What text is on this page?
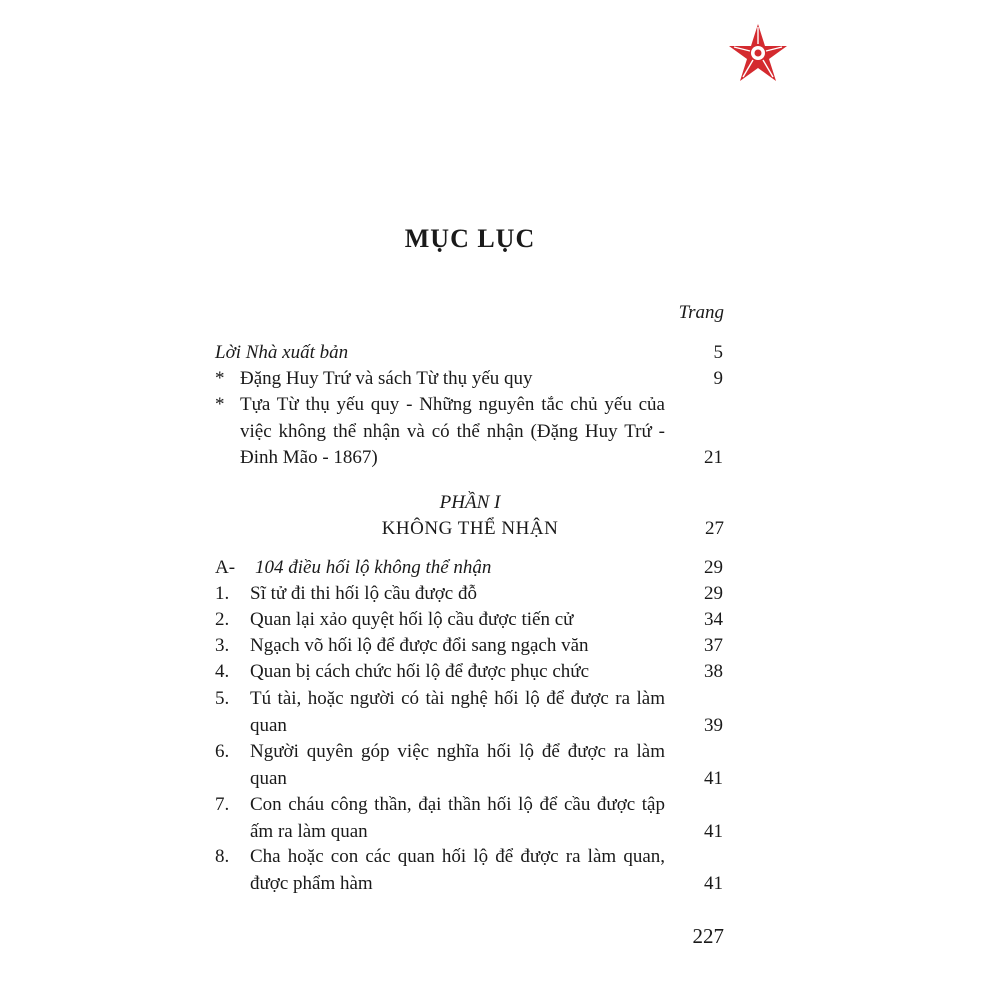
MỤC LỤC
Trang
Lời Nhà xuất bản	5
* Đặng Huy Trứ và sách Từ thụ yếu quy	9
* Tựa Từ thụ yếu quy - Những nguyên tắc chủ yếu của việc không thể nhận và có thể nhận (Đặng Huy Trứ - Đinh Mão - 1867)	21
PHẦN I
KHÔNG THỂ NHẬN	27
A- 104 điều hối lộ không thể nhận	29
1. Sĩ tử đi thi hối lộ cầu được đỗ	29
2. Quan lại xảo quyệt hối lộ cầu được tiến cử	34
3. Ngạch võ hối lộ để được đổi sang ngạch văn	37
4. Quan bị cách chức hối lộ để được phục chức	38
5. Tú tài, hoặc người có tài nghệ hối lộ để được ra làm quan	39
6. Người quyên góp việc nghĩa hối lộ để được ra làm quan	41
7. Con cháu công thần, đại thần hối lộ để cầu được tập ấm ra làm quan	41
8. Cha hoặc con các quan hối lộ để được ra làm quan, được phẩm hàm	41
227
